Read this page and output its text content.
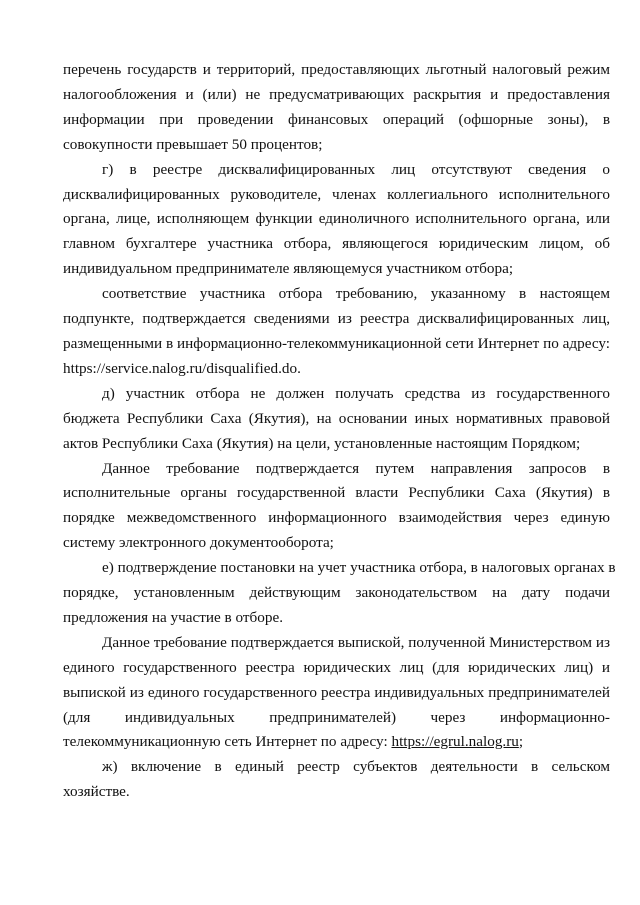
перечень государств и территорий, предоставляющих льготный налоговый режим
налогообложения и (или) не предусматривающих раскрытия и предоставления
информации при проведении финансовых операций (офшорные зоны), в
совокупности превышает 50 процентов;

г) в реестре дисквалифицированных лиц отсутствуют сведения о
дисквалифицированных руководителе, членах коллегиального исполнительного
органа, лице, исполняющем функции единоличного исполнительного органа, или
главном бухгалтере участника отбора, являющегося юридическим лицом, об
индивидуальном предпринимателе являющемуся участником отбора;

соответствие участника отбора требованию, указанному в настоящем
подпункте, подтверждается сведениями из реестра дисквалифицированных лиц,
размещенными в информационно-телекоммуникационной сети Интернет по адресу:
https://service.nalog.ru/disqualified.do.

д) участник отбора не должен получать средства из государственного
бюджета Республики Саха (Якутия), на основании иных нормативных правовой
актов Республики Саха (Якутия) на цели, установленные настоящим Порядком;

Данное требование подтверждается путем направления запросов в
исполнительные органы государственной власти Республики Саха (Якутия) в
порядке межведомственного информационного взаимодействия через единую
систему электронного документооборота;

е) подтверждение постановки на учет участника отбора, в налоговых органах в
порядке, установленным действующим законодательством на дату подачи
предложения на участие в отборе.

Данное требование подтверждается выпиской, полученной Министерством из
единого государственного реестра юридических лиц (для юридических лиц) и
выпиской из единого государственного реестра индивидуальных предпринимателей
(для индивидуальных предпринимателей) через информационно-
телекоммуникационную сеть Интернет по адресу: https://egrul.nalog.ru;

ж) включение в единый реестр субъектов деятельности в сельском
хозяйстве.
